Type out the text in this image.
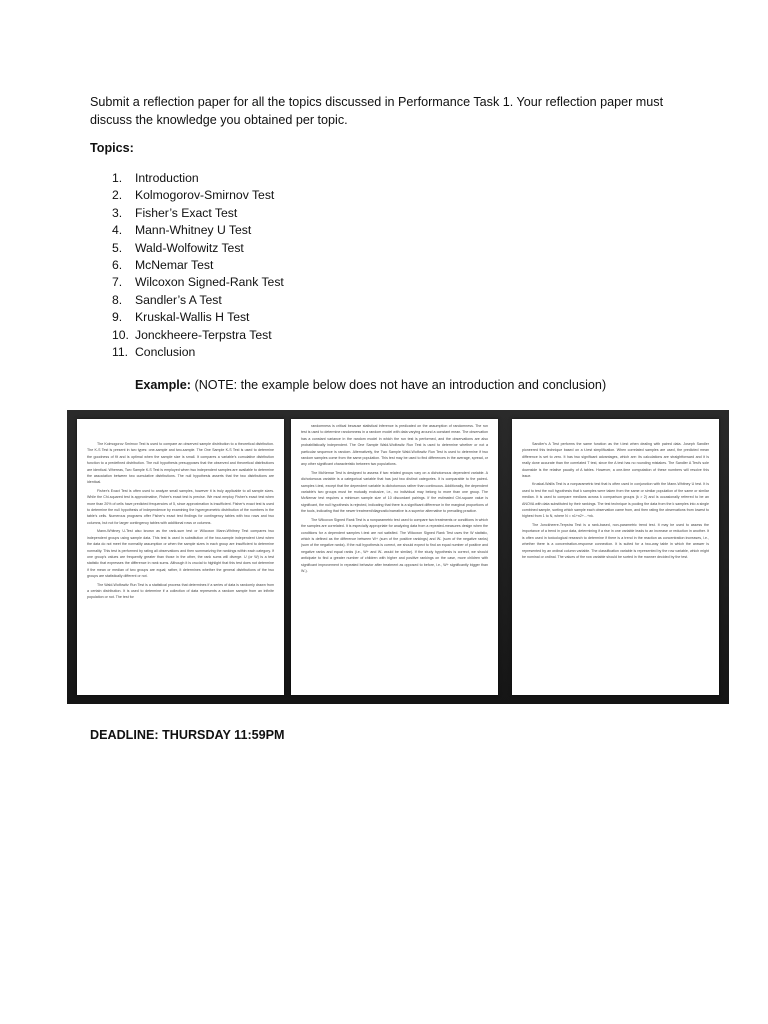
Submit a reflection paper for all the topics discussed in Performance Task 1. Your reflection paper must discuss the knowledge you obtained per topic.
Topics:
1.	Introduction
2.	Kolmogorov-Smirnov Test
3.	Fisher’s Exact Test
4.	Mann-Whitney U Test
5.	Wald-Wolfowitz Test
6.	McNemar Test
7.	Wilcoxon Signed-Rank Test
8.	Sandler’s A Test
9.	Kruskal-Wallis H Test
10. Jonckheere-Terpstra Test
11. Conclusion
Example: (NOTE: the example below does not have an introduction and conclusion)

The Kolmogorov Smirnov Test is used to compare an observed sample distribution to a theoretical distribution. The K-S Test is present in two types: one-sample and two-sample. The One Sample K-S Test is used to determine the goodness of fit and is optimal when the sample size is small. It compares a variable's cumulative distribution function to a predefined distribution. The null hypothesis presupposes that the observed and theoretical distributions are identical. Whereas, Two Sample K-S Test is employed when two independent samples are available to determine the association between two cumulative distributions. The null hypothesis asserts that the two distributions are identical.

Fisher's Exact Test is often used to analyze small samples, however it is truly applicable to all sample sizes. While the Chi-squared test is approximative, Fisher's exact test is precise. We must employ Fisher's exact test when more than 20% of cells have predicted frequencies of 5, since approximation is insufficient. Fisher's exact test is used to determine the null hypothesis of independence by examining the hypergeometric distribution of the numbers in the table's cells. Numerous programs offer Fisher's exact test findings for contingency tables with two rows and two columns, but not for larger contingency tables with additional rows or columns.

Mann-Whitney U-Test also known as the rank-sum test or Wilcoxon Mann-Whitney Test compares two independent groups using sample data. This test is used in substitution of the two-sample independent t-test when the data do not meet the normality assumption or when the sample sizes in each group are insufficient to determine normality. This test is performed by rating all observations and then summarizing the rankings within each category. If one group's values are frequently greater than those in the other, the rank sums will diverge. U (or W) is a test statistic that expresses the difference in rank sums. Although it is crucial to highlight that this test does not determine if the mean or median of two groups are equal; rather, it determines whether the general distributions of the two groups are statistically different or not.

The Wald-Wolfowitz Run Test is a statistical process that determines if a series of data is randomly drawn from a certain distribution. It is used to determine if a collection of data represents a random sample from an infinite population or not. The test for

randomness is critical because statistical inference is predicated on the assumption of randomness. The run test is used to determine randomness in a random model with data varying around a constant mean. The observation has a constant variance in the random model in which the run test is performed, and the observations are also probabilistically independent. The One Sample Wald-Wolfowitz Run Test is used to determine whether or not a particular sequence is random. Alternatively, the Two Sample Wald-Wolfowitz Run Test is used to determine if two random samples come from the same population. This test may be used to find differences in the average, spread, or any other significant characteristic between two populations.

The McNemar Test is designed to assess if two related groups vary on a dichotomous dependent variable. A dichotomous variable is a categorical variable that has just two distinct categories. It is comparable to the paired-samples t-test, except that the dependent variable is dichotomous rather than continuous. Additionally, the dependent variable's two groups must be mutually exclusive, i.e., no individual may belong to more than one group. The McNemar test requires a minimum sample size of 10 discordant pairings. If the estimated Chi-square value is significant, the null hypothesis is rejected, indicating that there is a significant difference in the marginal proportions of the tools, indicating that the newer treatment/diagnostic/narrative is a superior alternative to prevailing practice.

The Wilcoxon Signed Rank Test is a nonparametric test used to compare two treatments or conditions in which the samples are correlated. It is especially appropriate for analyzing data from a repeated-measures design when the conditions for a dependent samples t-test are not satisfied. The Wilcoxon Signed Rank Test uses the W statistic, which is defined as the difference between W+ (sum of the positive rankings) and W- (sum of the negative ranks) (sum of the negative ranks). If the null hypothesis is correct, we should expect to find an equal number of positive and negative ranks and equal ranks (i.e., W+ and W- would be similar). If the study hypothesis is correct, we should anticipate to find a greater number of children with higher and positive rankings on the case, more children with significant improvement in repeated behavior after treatment as opposed to before, i.e., W+ significantly bigger than W-).

Sandler's A Test performs the same function as the t-test when dealing with paired data. Joseph Sandler pioneered this technique based on a t-test simplification. When correlated samples are used, the predicted mean difference is set to zero. It has two significant advantages, which are: its calculations are straightforward and it is really done accurate than the correlated T test, since the A test has no rounding mistakes. The Sandler A Test's sole downside is the relative paucity of A tables. However, a one-time computation of these numbers will resolve this issue.

Kruskal-Wallis Test is a nonparametric test that is often used in conjunction with the Mann-Whitney U test. It is used to test the null hypothesis that k samples were taken from the same or similar population of the same or similar median. It is used to compare medians across k comparison groups (k > 2) and is occasionally referred to be an ANOVA with data substituted by their rankings. The test technique is pooling the data from the k samples into a single combined sample, sorting which sample each observation came from, and then rating the observations from lowest to highest from 1 to N, where N = n1+n2+...+nk.

The Jonckheere-Terpstra Test is a rank-based, non-parametric trend test. It may be used to assess the importance of a trend in your data, determining if a rise in one variable leads to an increase or reduction in another. It is often used in toxicological research to determine if there is a trend in the reaction as concentration increases, i.e., whether there is a concentration-response connection. It is suited for a two-way table in which the answer is represented by an ordinal column variable. The classification variable is represented by the row variable, which might be nominal or ordinal. The values of the row variable should be sorted in the manner decided by the test.

DEADLINE: THURSDAY 11:59PM
